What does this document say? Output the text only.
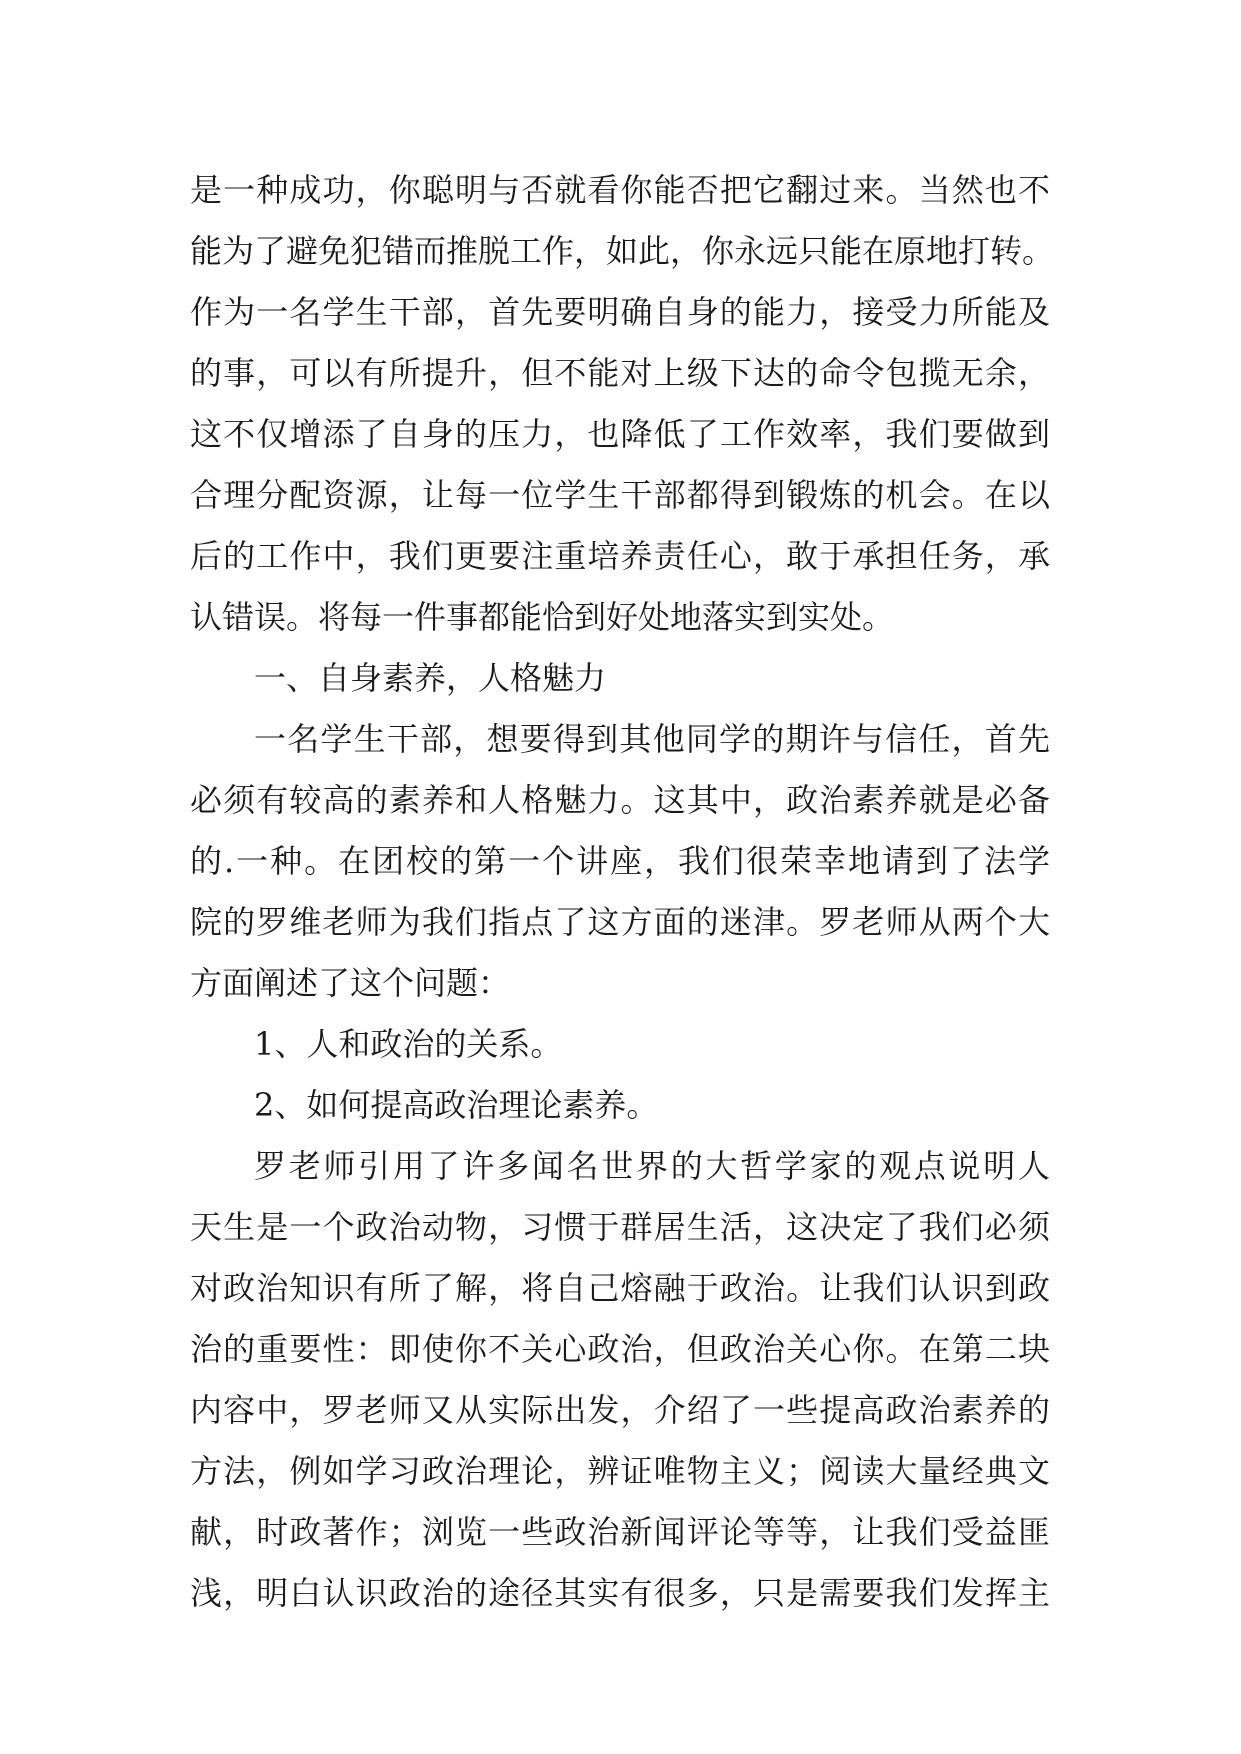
是一种成功，你聪明与否就看你能否把它翻过来。当然也不
能为了避免犯错而推脱工作，如此，你永远只能在原地打转。
作为一名学生干部，首先要明确自身的能力，接受力所能及
的事，可以有所提升，但不能对上级下达的命令包揽无余，
这不仅增添了自身的压力，也降低了工作效率，我们要做到
合理分配资源，让每一位学生干部都得到锻炼的机会。在以
后的工作中，我们更要注重培养责任心，敢于承担任务，承
认错误。将每一件事都能恰到好处地落实到实处。
一、自身素养，人格魅力
一名学生干部，想要得到其他同学的期许与信任，首先
必须有较高的素养和人格魅力。这其中，政治素养就是必备
的.一种。在团校的第一个讲座，我们很荣幸地请到了法学
院的罗维老师为我们指点了这方面的迷津。罗老师从两个大
方面阐述了这个问题：
1、人和政治的关系。
2、如何提高政治理论素养。
罗老师引用了许多闻名世界的大哲学家的观点说明人
天生是一个政治动物，习惯于群居生活，这决定了我们必须
对政治知识有所了解，将自己熔融于政治。让我们认识到政
治的重要性：即使你不关心政治，但政治关心你。在第二块
内容中，罗老师又从实际出发，介绍了一些提高政治素养的
方法，例如学习政治理论，辨证唯物主义；阅读大量经典文
献，时政著作；浏览一些政治新闻评论等等，让我们受益匪
浅，明白认识政治的途径其实有很多，只是需要我们发挥主
